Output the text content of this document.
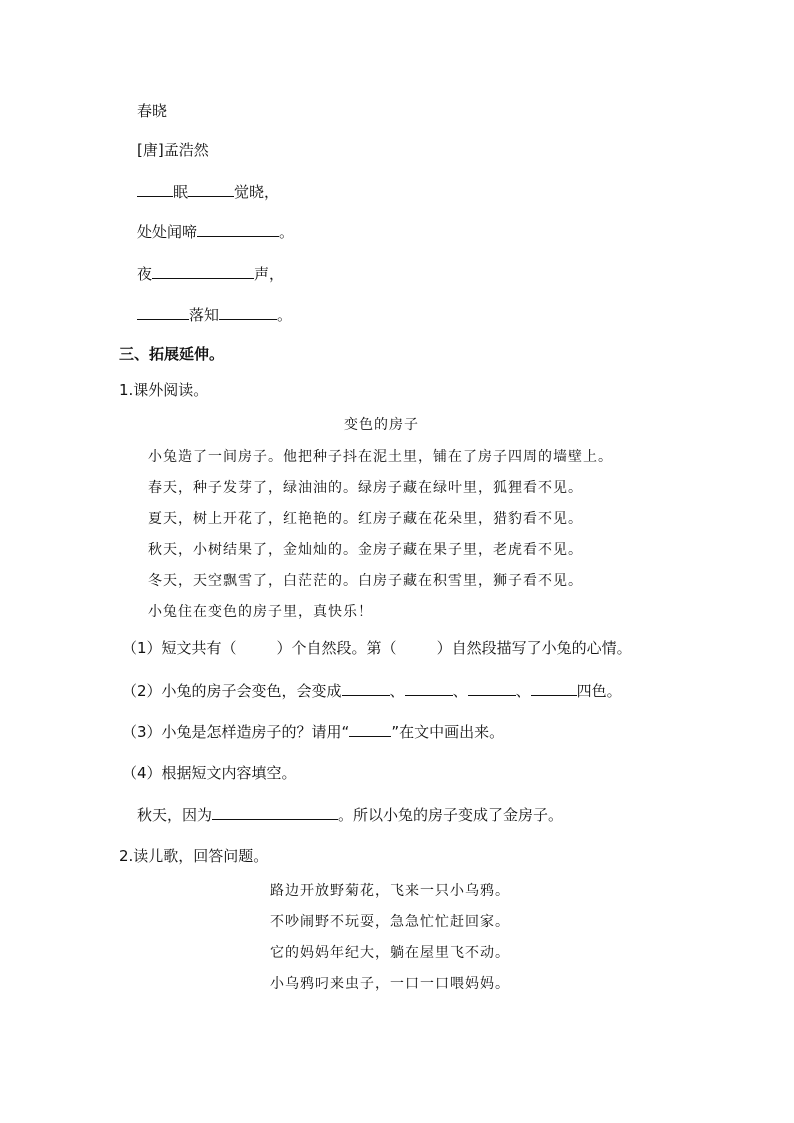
春晓
[唐]孟浩然
眠	觉晓，
处处闻啼	。
夜	声，
落知	。
三、拓展延伸。
1.课外阅读。
变色的房子
小兔造了一间房子。他把种子抖在泥土里，铺在了房子四周的墙壁上。
春天，种子发芽了，绿油油的。绿房子藏在绿叶里，狐狸看不见。
夏天，树上开花了，红艳艳的。红房子藏在花朵里，猎豹看不见。
秋天，小树结果了，金灿灿的。金房子藏在果子里，老虎看不见。
冬天，天空飘雪了，白茫茫的。白房子藏在积雪里，狮子看不见。
小兔住在变色的房子里，真快乐！
（1）短文共有（	）个自然段。第（	）自然段描写了小兔的心情。
（2）小兔的房子会变色，会变成	、	、	、	四色。
（3）小兔是怎样造房子的？请用“	”在文中画出来。
（4）根据短文内容填空。
秋天，因为	。所以小兔的房子变成了金房子。
2.读儿歌，回答问题。
路边开放野菊花，飞来一只小乌鸦。
不吵闹野不玩耍，急急忙忙赶回家。
它的妈妈年纪大，躺在屋里飞不动。
小乌鸦叼来虫子，一口一口喂妈妈。
